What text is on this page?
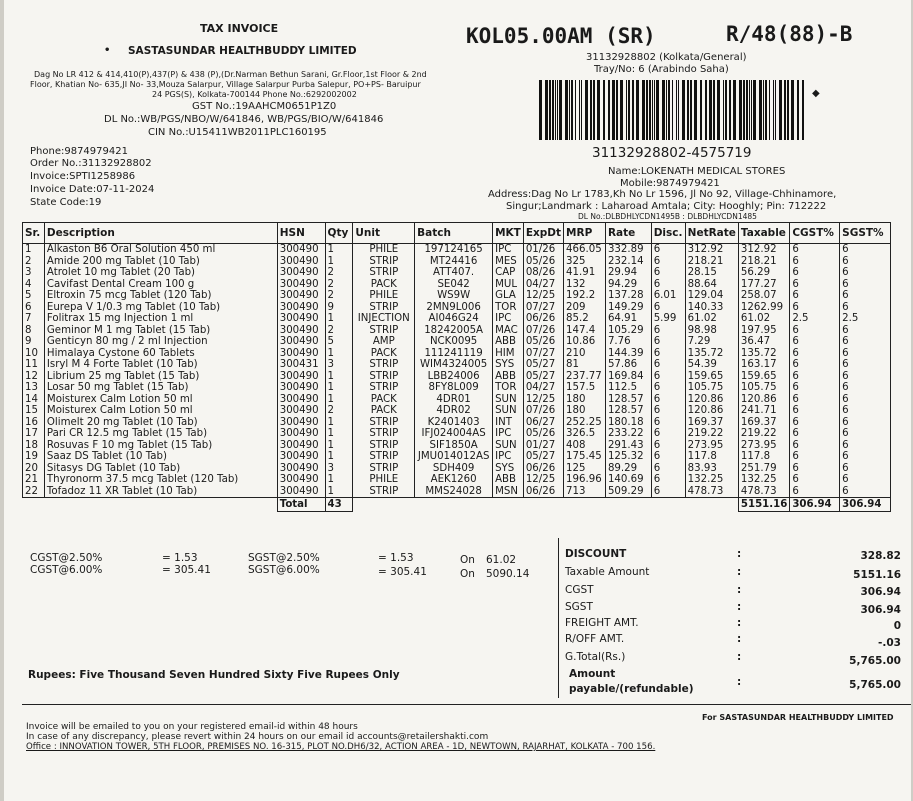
TAX INVOICE
• SASTASUNDAR HEALTHBUDDY LIMITED
Dag No LR 412 & 414,410(P),437(P) & 438 (P),(Dr.Narman Bethun Sarani, Gr.Floor,1st Floor & 2nd
Floor, Khatian No- 635,JI No- 33,Mouza Salarpur, Village Salarpur Purba Salepur, PO+PS- Baruipur
24 PGS(S), Kolkata-700144 Phone No.:6292002002
GST No.:19AAHCM0651P1Z0
DL No.:WB/PGS/NBO/W/641846, WB/PGS/BIO/W/641846
CIN No.:U15411WB2011PLC160195
Phone:9874979421
Order No.:31132928802
Invoice:SPTI1258986
Invoice Date:07-11-2024
State Code:19
KOL05.00AM (SR)	R/48(88)-B
31132928802 (Kolkata/General)
Tray/No: 6 (Arabindo Saha)
◆
31132928802-4575719
Name:LOKENATH MEDICAL STORES
Mobile:9874979421
Address:Dag No Lr 1783,Kh No Lr 1596, Jl No 92, Village-Chhinamore,
Singur;Landmark : Laharoad Amtala; City: Hooghly; Pin: 712222
DL No.:DLBDHLYCDN1495B : DLBDHLYCDN1485
Sr.	Description	HSN	Qty	Unit	Batch	MKT	ExpDt	MRP	Rate	Disc.	NetRate	Taxable	CGST%	SGST%
1	Alkaston B6 Oral Solution 450 ml	300490	1	PHILE	197124165	IPC	01/26	466.05	332.89	6	312.92	312.92	6	6
2	Amide 200 mg Tablet (10 Tab)	300490	1	STRIP	MT24416	MES	05/26	325	232.14	6	218.21	218.21	6	6
3	Atrolet 10 mg Tablet (20 Tab)	300490	2	STRIP	ATT407.	CAP	08/26	41.91	29.94	6	28.15	56.29	6	6
4	Cavifast Dental Cream 100 g	300490	2	PACK	SE042	MUL	04/27	132	94.29	6	88.64	177.27	6	6
5	Eltroxin 75 mcg Tablet (120 Tab)	300490	2	PHILE	WS9W	GLA	12/25	192.2	137.28	6.01	129.04	258.07	6	6
6	Eurepa V 1/0.3 mg Tablet (10 Tab)	300490	9	STRIP	2MN9L006	TOR	07/27	209	149.29	6	140.33	1262.99	6	6
7	Folitrax 15 mg Injection 1 ml	300490	1	INJECTION	AI046G24	IPC	06/26	85.2	64.91	5.99	61.02	61.02	2.5	2.5
8	Geminor M 1 mg Tablet (15 Tab)	300490	2	STRIP	18242005A	MAC	07/26	147.4	105.29	6	98.98	197.95	6	6
9	Genticyn 80 mg / 2 ml Injection	300490	5	AMP	NCK0095	ABB	05/26	10.86	7.76	6	7.29	36.47	6	6
10	Himalaya Cystone 60 Tablets	300490	1	PACK	111241119	HIM	07/27	210	144.39	6	135.72	135.72	6	6
11	Isryl M 4 Forte Tablet (10 Tab)	300431	3	STRIP	WIM4324005	SYS	05/27	81	57.86	6	54.39	163.17	6	6
12	Librium 25 mg Tablet (15 Tab)	300490	1	STRIP	LBB24006	ABB	05/27	237.77	169.84	6	159.65	159.65	6	6
13	Losar 50 mg Tablet (15 Tab)	300490	1	STRIP	8FY8L009	TOR	04/27	157.5	112.5	6	105.75	105.75	6	6
14	Moisturex Calm Lotion 50 ml	300490	1	PACK	4DR01	SUN	12/25	180	128.57	6	120.86	120.86	6	6
15	Moisturex Calm Lotion 50 ml	300490	2	PACK	4DR02	SUN	07/26	180	128.57	6	120.86	241.71	6	6
16	Olimelt 20 mg Tablet (10 Tab)	300490	1	STRIP	K2401403	INT	06/27	252.25	180.18	6	169.37	169.37	6	6
17	Pari CR 12.5 mg Tablet (15 Tab)	300490	1	STRIP	IFJ024004AS	IPC	05/26	326.5	233.22	6	219.22	219.22	6	6
18	Rosuvas F 10 mg Tablet (15 Tab)	300490	1	STRIP	SIF1850A	SUN	01/27	408	291.43	6	273.95	273.95	6	6
19	Saaz DS Tablet (10 Tab)	300490	1	STRIP	JMU014012AS	IPC	05/27	175.45	125.32	6	117.8	117.8	6	6
20	Sitasys DG Tablet (10 Tab)	300490	3	STRIP	SDH409	SYS	06/26	125	89.29	6	83.93	251.79	6	6
21	Thyronorm 37.5 mcg Tablet (120 Tab)	300490	1	PHILE	AEK1260	ABB	12/25	196.96	140.69	6	132.25	132.25	6	6
22	Tofadoz 11 XR Tablet (10 Tab)	300490	1	STRIP	MMS24028	MSN	06/26	713	509.29	6	478.73	478.73	6	6
		Total	43									5151.16	306.94	306.94
CGST@2.50%	= 1.53	SGST@2.50%	= 1.53	On 61.02
CGST@6.00%	= 305.41	SGST@6.00%	= 305.41	On 5090.14
DISCOUNT	:	328.82
Taxable Amount	:	5151.16
CGST	:	306.94
SGST	:	306.94
FREIGHT AMT.	:	0
R/OFF AMT.	:	-.03
G.Total(Rs.)	:	5,765.00
Amount
payable/(refundable)
:	5,765.00
Rupees: Five Thousand Seven Hundred Sixty Five Rupees Only
For SASTASUNDAR HEALTHBUDDY LIMITED
Invoice will be emailed to you on your registered email-id within 48 hours
In case of any discrepancy, please revert within 24 hours on our email id accounts@retailershakti.com
Office : INNOVATION TOWER, 5TH FLOOR, PREMISES NO. 16-315, PLOT NO.DH6/32, ACTION AREA - 1D, NEWTOWN, RAJARHAT, KOLKATA - 700 156.
